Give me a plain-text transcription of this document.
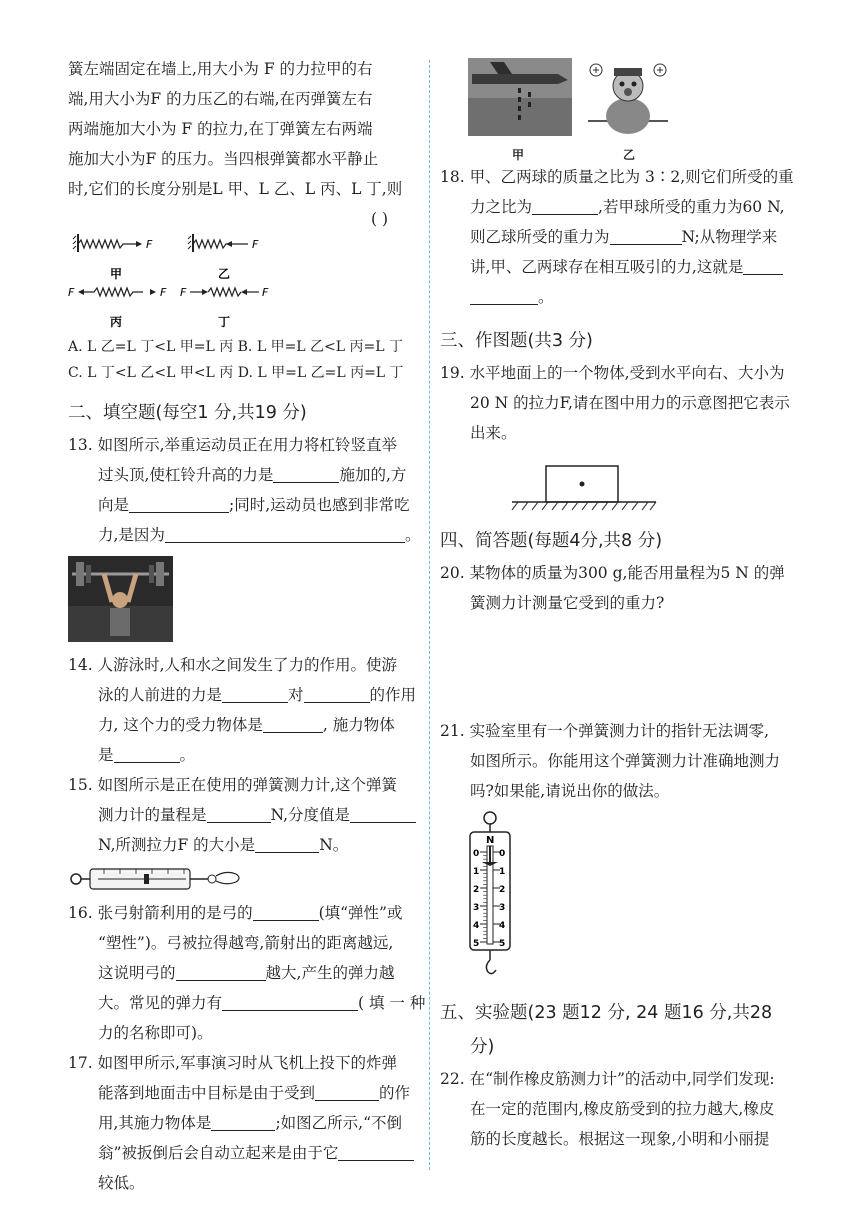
簧左端固定在墙上,用大小为 F 的力拉甲的右
端,用大小为F 的力压乙的右端,在丙弹簧左右
两端施加大小为 F 的拉力,在丁弹簧左右两端
施加大小为F 的压力。当四根弹簧都水平静止
时,它们的长度分别是L 甲、L 乙、L 丙、L 丁,则
( )
F
甲
F
乙
F	F
丙
F	F
丁
A. L 乙=L 丁<L 甲=L 丙 B. L 甲=L 乙<L 丙=L 丁
C. L 丁<L 乙<L 甲<L 丙 D. L 甲=L 乙=L 丙=L 丁
二、填空题(每空1 分,共19 分)
13. 如图所示,举重运动员正在用力将杠铃竖直举
过头顶,使杠铃升高的力是	施加的,方
向是	;同时,运动员也感到非常吃
力,是因为	。
14. 人游泳时,人和水之间发生了力的作用。使游
泳的人前进的力是	对	的作用
力, 这个力的受力物体是	, 施力物体
是	。
15. 如图所示是正在使用的弹簧测力计,这个弹簧
测力计的量程是	N,分度值是
N,所测拉力F 的大小是	N。
16. 张弓射箭利用的是弓的	(填“弹性”或
“塑性”)。弓被拉得越弯,箭射出的距离越远,
这说明弓的	越大,产生的弹力越
大。常见的弹力有	( 填 一 种
力的名称即可)。
17. 如图甲所示,军事演习时从飞机上投下的炸弹
能落到地面击中目标是由于受到	的作
用,其施力物体是	;如图乙所示,“不倒
翁”被扳倒后会自动立起来是由于它
较低。
甲	乙
18. 甲、乙两球的质量之比为 3∶2,则它们所受的重
力之比为	,若甲球所受的重力为60 N,
则乙球所受的重力为	N;从物理学来
讲,甲、乙两球存在相互吸引的力,这就是
。
三、作图题(共3 分)
19. 水平地面上的一个物体,受到水平向右、大小为
20 N 的拉力F,请在图中用力的示意图把它表示
出来。
四、简答题(每题4分,共8 分)
20. 某物体的质量为300 g,能否用量程为5 N 的弹
簧测力计测量它受到的重力?
21. 实验室里有一个弹簧测力计的指针无法调零,
如图所示。你能用这个弹簧测力计准确地测力
吗?如果能,请说出你的做法。
N
0 0
1 1
2 2
3 3
4 4
5 5
五、实验题(23 题12 分, 24 题16 分,共28
分)
22. 在“制作橡皮筋测力计”的活动中,同学们发现:
在一定的范围内,橡皮筋受到的拉力越大,橡皮
筋的长度越长。根据这一现象,小明和小丽提
